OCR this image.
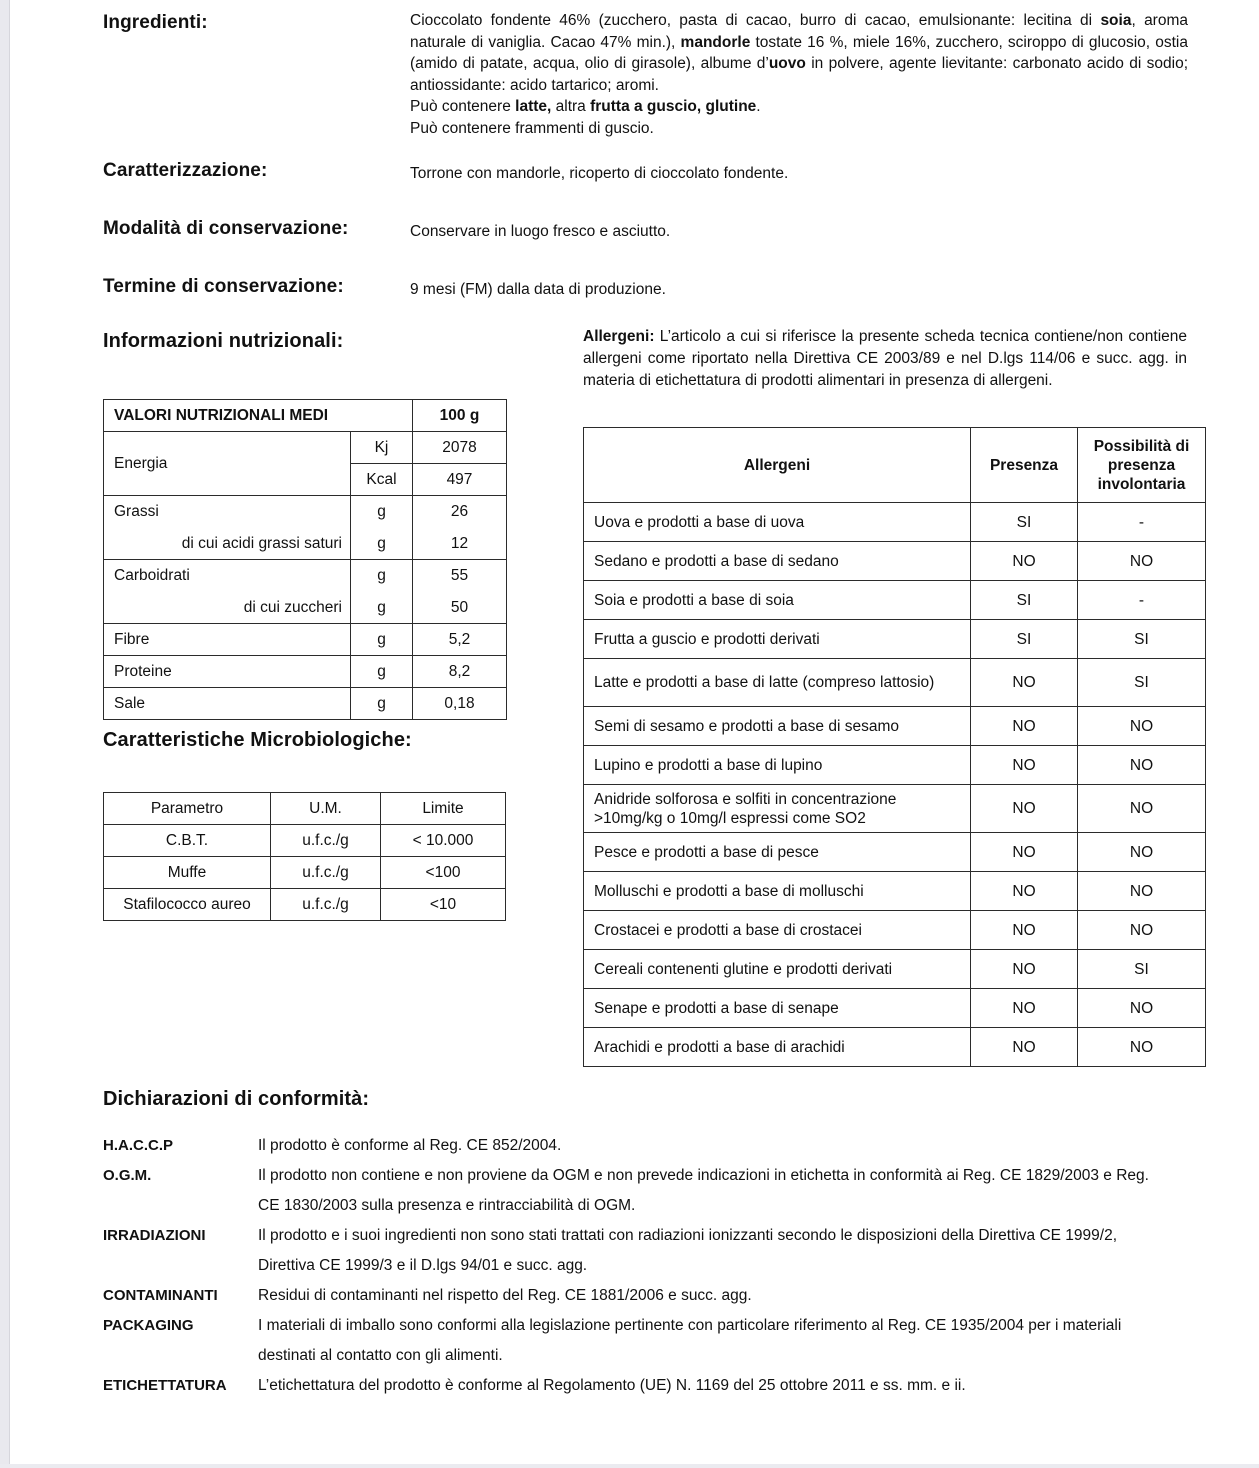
Ingredienti:	Cioccolato fondente 46% (zucchero, pasta di cacao, burro di cacao, emulsionante: lecitina di soia, aroma naturale di vaniglia. Cacao 47% min.), mandorle tostate 16 %, miele 16%, zucchero, sciroppo di glucosio, ostia (amido di patate, acqua, olio di girasole), albume d’uovo in polvere, agente lievitante: carbonato acido di sodio; antiossidante: acido tartarico; aromi.

Può contenere latte, altra frutta a guscio, glutine.
Può contenere frammenti di guscio.
Caratterizzazione:	Torrone con mandorle, ricoperto di cioccolato fondente.
Modalità di conservazione:	Conservare in luogo fresco e asciutto.
Termine di conservazione:	9 mesi (FM) dalla data di produzione.
Informazioni nutrizionali:
VALORI NUTRIZIONALI MEDI		100 g
Energia	Kj	2078
	Kcal	497
Grassi	g	26
di cui acidi grassi saturi	g	12
Carboidrati	g	55
di cui zuccheri	g	50
Fibre	g	5,2
Proteine	g	8,2
Sale	g	0,18
Caratteristiche Microbiologiche:
Parametro	U.M.	Limite
C.B.T.	u.f.c./g	< 10.000
Muffe	u.f.c./g	<100
Stafilococco aureo	u.f.c./g	<10

Allergeni: L’articolo a cui si riferisce la presente scheda tecnica contiene/non contiene allergeni come riportato nella Direttiva CE 2003/89 e nel D.lgs 114/06 e succ. agg. in materia di etichettatura di prodotti alimentari in presenza di allergeni.

Allergeni	Presenza	Possibilità di presenza involontaria
Uova e prodotti a base di uova	SI	-
Sedano e prodotti a base di sedano	NO	NO
Soia e prodotti a base di soia	SI	-
Frutta a guscio e prodotti derivati	SI	SI
Latte e prodotti a base di latte (compreso lattosio)	NO	SI
Semi di sesamo e prodotti a base di sesamo	NO	NO
Lupino e prodotti a base di lupino	NO	NO
Anidride solforosa e solfiti in concentrazione >10mg/kg o 10mg/l espressi come SO2	NO	NO
Pesce e prodotti a base di pesce	NO	NO
Molluschi e prodotti a base di molluschi	NO	NO
Crostacei e prodotti a base di crostacei	NO	NO
Cereali contenenti glutine e prodotti derivati	NO	SI
Senape e prodotti a base di senape	NO	NO
Arachidi e prodotti a base di arachidi	NO	NO
Dichiarazioni di conformità:
H.A.C.C.P	Il prodotto è conforme al Reg. CE 852/2004.
O.G.M.	Il prodotto non contiene e non proviene da OGM e non prevede indicazioni in etichetta in conformità ai Reg. CE 1829/2003 e Reg. CE 1830/2003 sulla presenza e rintracciabilità di OGM.
IRRADIAZIONI	Il prodotto e i suoi ingredienti non sono stati trattati con radiazioni ionizzanti secondo le disposizioni della Direttiva CE 1999/2, Direttiva CE 1999/3 e il D.lgs 94/01 e succ. agg.
CONTAMINANTI	Residui di contaminanti nel rispetto del Reg. CE 1881/2006 e succ. agg.
PACKAGING	I materiali di imballo sono conformi alla legislazione pertinente con particolare riferimento al Reg. CE 1935/2004 per i materiali destinati al contatto con gli alimenti.
ETICHETTATURA	L’etichettatura del prodotto è conforme al Regolamento (UE) N. 1169 del 25 ottobre 2011 e ss. mm. e ii.
